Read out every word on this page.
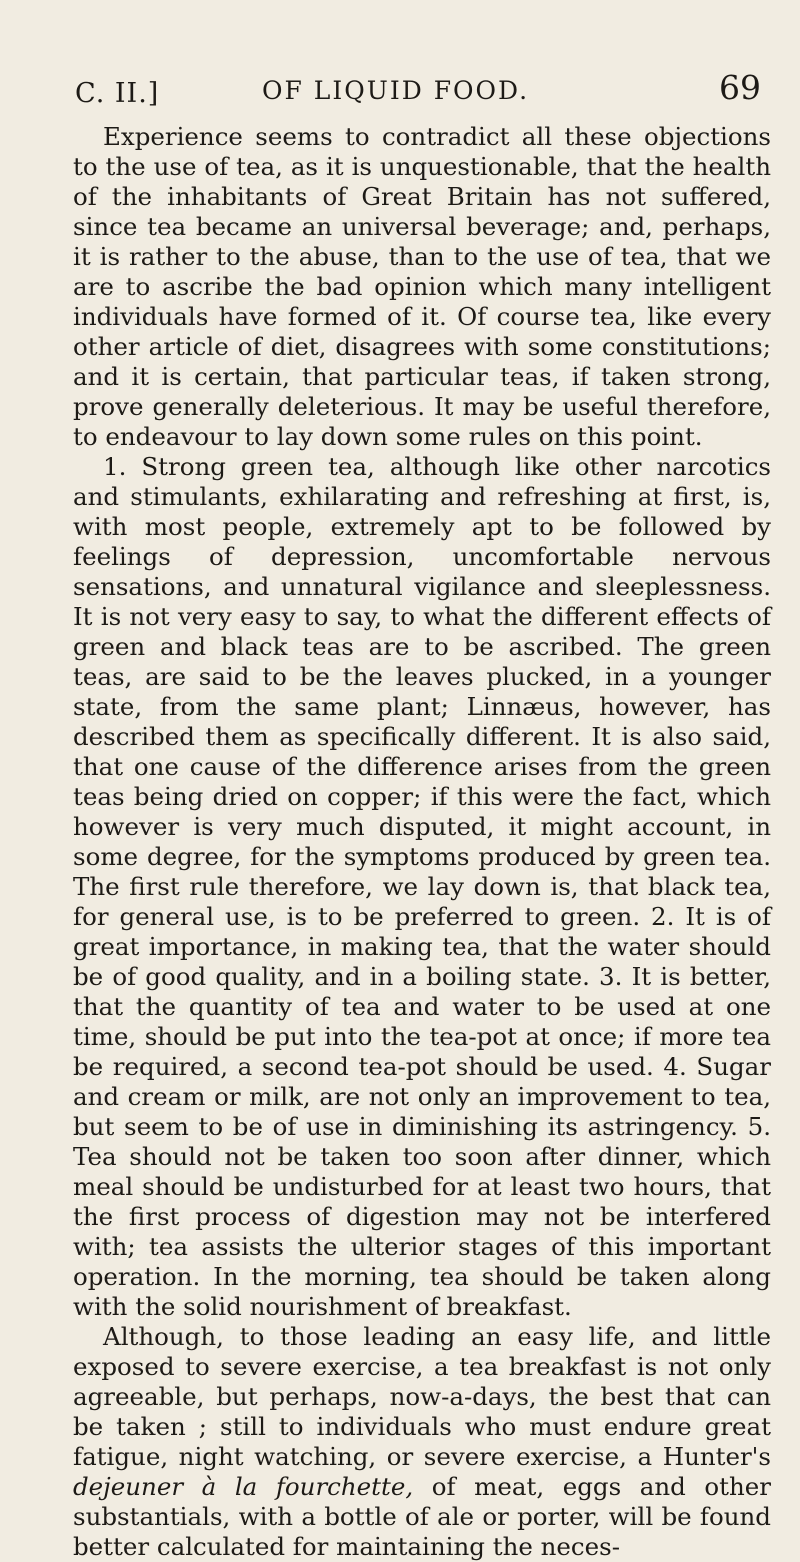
C. II.]	OF LIQUID FOOD.	69

Experience seems to contradict all these objections to the use of tea, as it is unquestionable, that the health of the inhabitants of Great Britain has not suffered, since tea became an universal beverage; and, perhaps, it is rather to the abuse, than to the use of tea, that we are to ascribe the bad opinion which many intelligent individuals have formed of it. Of course tea, like every other article of diet, disagrees with some constitutions; and it is certain, that particular teas, if taken strong, prove generally deleterious. It may be useful therefore, to endeavour to lay down some rules on this point.

1. Strong green tea, although like other narcotics and stimulants, exhilarating and refreshing at first, is, with most people, extremely apt to be followed by feelings of depression, uncomfortable nervous sensations, and unnatural vigilance and sleeplessness. It is not very easy to say, to what the different effects of green and black teas are to be ascribed. The green teas, are said to be the leaves plucked, in a younger state, from the same plant; Linnæus, however, has described them as specifically different. It is also said, that one cause of the difference arises from the green teas being dried on copper; if this were the fact, which however is very much disputed, it might account, in some degree, for the symptoms produced by green tea. The first rule therefore, we lay down is, that black tea, for general use, is to be preferred to green. 2. It is of great importance, in making tea, that the water should be of good quality, and in a boiling state. 3. It is better, that the quantity of tea and water to be used at one time, should be put into the tea-pot at once; if more tea be required, a second tea-pot should be used. 4. Sugar and cream or milk, are not only an improvement to tea, but seem to be of use in diminishing its astringency. 5. Tea should not be taken too soon after dinner, which meal should be undisturbed for at least two hours, that the first process of digestion may not be interfered with; tea assists the ulterior stages of this important operation. In the morning, tea should be taken along with the solid nourishment of breakfast.

Although, to those leading an easy life, and little exposed to severe exercise, a tea breakfast is not only agreeable, but perhaps, now-a-days, the best that can be taken ; still to individuals who must endure great fatigue, night watching, or severe exercise, a Hunter's dejeuner à la fourchette, of meat, eggs and other substantials, with a bottle of ale or porter, will be found better calculated for maintaining the neces-
